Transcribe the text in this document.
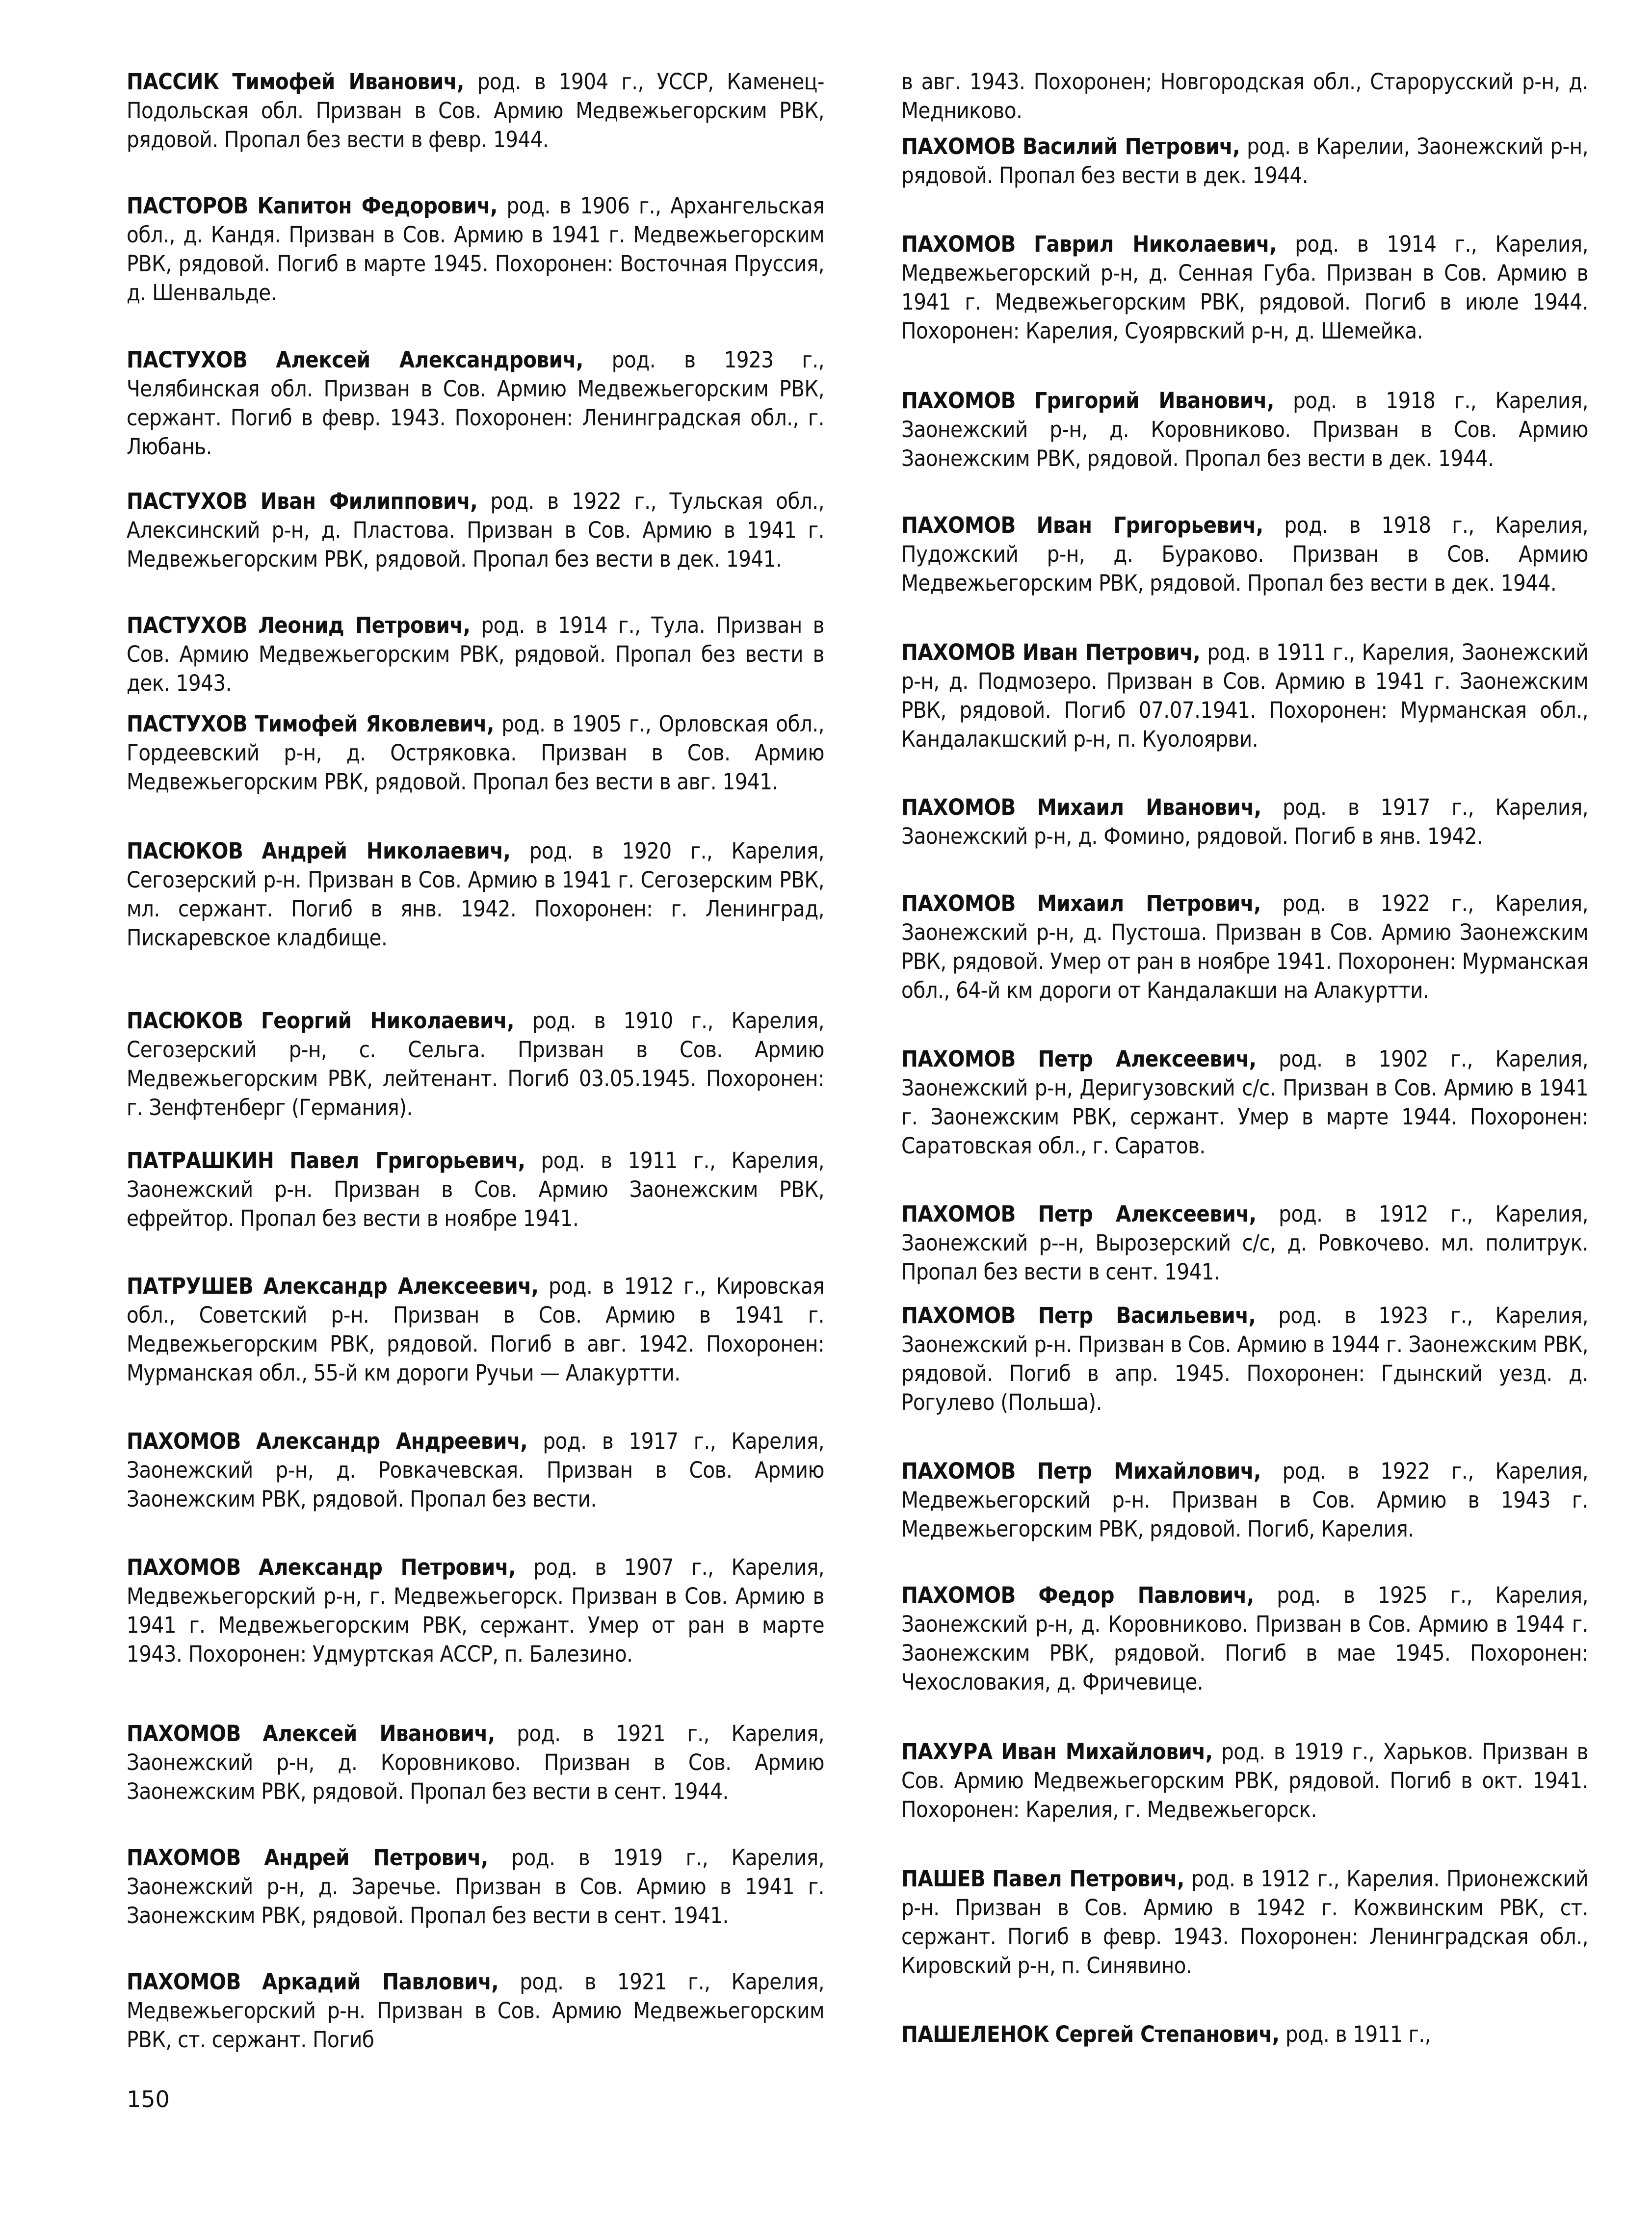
ПАССИК Тимофей Иванович, род. в 1904 г., УССР, Каменец-Подольская обл. Призван в Сов. Армию Медвежьегорским РВК, рядовой. Пропал без вести в февр. 1944.
ПАСТОРОВ Капитон Федорович, род. в 1906 г., Архангельская обл., д. Кандя. Призван в Сов. Армию в 1941 г. Медвежьегорским РВК, рядовой. Погиб в марте 1945. Похоронен: Восточная Пруссия, д. Шенвальде.
ПАСТУХОВ Алексей Александрович, род. в 1923 г., Челябинская обл. Призван в Сов. Армию Медвежьегорским РВК, сержант. Погиб в февр. 1943. Похоронен: Ленинградская обл., г. Любань.
ПАСТУХОВ Иван Филиппович, род. в 1922 г., Тульская обл., Алексинский р-н, д. Пластова. Призван в Сов. Армию в 1941 г. Медвежьегорским РВК, рядовой. Пропал без вести в дек. 1941.
ПАСТУХОВ Леонид Петрович, род. в 1914 г., Тула. Призван в Сов. Армию Медвежьегорским РВК, рядовой. Пропал без вести в дек. 1943.
ПАСТУХОВ Тимофей Яковлевич, род. в 1905 г., Орловская обл., Гордеевский р-н, д. Остряковка. Призван в Сов. Армию Медвежьегорским РВК, рядовой. Пропал без вести в авг. 1941.
ПАСЮКОВ Андрей Николаевич, род. в 1920 г., Карелия, Сегозерский р-н. Призван в Сов. Армию в 1941 г. Сегозерским РВК, мл. сержант. Погиб в янв. 1942. Похоронен: г. Ленинград, Пискаревское кладбище.
ПАСЮКОВ Георгий Николаевич, род. в 1910 г., Карелия, Сегозерский р-н, с. Сельга. Призван в Сов. Армию Медвежьегорским РВК, лейтенант. Погиб 03.05.1945. Похоронен: г. Зенфтенберг (Германия).
ПАТРАШКИН Павел Григорьевич, род. в 1911 г., Карелия, Заонежский р-н. Призван в Сов. Армию Заонежским РВК, ефрейтор. Пропал без вести в ноябре 1941.
ПАТРУШЕВ Александр Алексеевич, род. в 1912 г., Кировская обл., Советский р-н. Призван в Сов. Армию в 1941 г. Медвежьегорским РВК, рядовой. Погиб в авг. 1942. Похоронен: Мурманская обл., 55-й км дороги Ручьи — Алакуртти.
ПАХОМОВ Александр Андреевич, род. в 1917 г., Карелия, Заонежский р-н, д. Ровкачевская. Призван в Сов. Армию Заонежским РВК, рядовой. Пропал без вести.
ПАХОМОВ Александр Петрович, род. в 1907 г., Карелия, Медвежьегорский р-н, г. Медвежьегорск. Призван в Сов. Армию в 1941 г. Медвежьегорским РВК, сержант. Умер от ран в марте 1943. Похоронен: Удмуртская АССР, п. Балезино.
ПАХОМОВ Алексей Иванович, род. в 1921 г., Карелия, Заонежский р-н, д. Коровниково. Призван в Сов. Армию Заонежским РВК, рядовой. Пропал без вести в сент. 1944.
ПАХОМОВ Андрей Петрович, род. в 1919 г., Карелия, Заонежский р-н, д. Заречье. Призван в Сов. Армию в 1941 г. Заонежским РВК, рядовой. Пропал без вести в сент. 1941.
ПАХОМОВ Аркадий Павлович, род. в 1921 г., Карелия, Медвежьегорский р-н. Призван в Сов. Армию Медвежьегорским РВК, ст. сержант. Погиб
в авг. 1943. Похоронен; Новгородская обл., Старорусский р-н, д. Медниково.
ПАХОМОВ Василий Петрович, род. в Карелии, Заонежский р-н, рядовой. Пропал без вести в дек. 1944.
ПАХОМОВ Гаврил Николаевич, род. в 1914 г., Карелия, Медвежьегорский р-н, д. Сенная Губа. Призван в Сов. Армию в 1941 г. Медвежьегорским РВК, рядовой. Погиб в июле 1944. Похоронен: Карелия, Суоярвский р-н, д. Шемейка.
ПАХОМОВ Григорий Иванович, род. в 1918 г., Карелия, Заонежский р-н, д. Коровниково. Призван в Сов. Армию Заонежским РВК, рядовой. Пропал без вести в дек. 1944.
ПАХОМОВ Иван Григорьевич, род. в 1918 г., Карелия, Пудожский р-н, д. Бураково. Призван в Сов. Армию Медвежьегорским РВК, рядовой. Пропал без вести в дек. 1944.
ПАХОМОВ Иван Петрович, род. в 1911 г., Карелия, Заонежский р-н, д. Подмозеро. Призван в Сов. Армию в 1941 г. Заонежским РВК, рядовой. Погиб 07.07.1941. Похоронен: Мурманская обл., Кандалакшский р-н, п. Куолоярви.
ПАХОМОВ Михаил Иванович, род. в 1917 г., Карелия, Заонежский р-н, д. Фомино, рядовой. Погиб в янв. 1942.
ПАХОМОВ Михаил Петрович, род. в 1922 г., Карелия, Заонежский р-н, д. Пустоша. Призван в Сов. Армию Заонежским РВК, рядовой. Умер от ран в ноябре 1941. Похоронен: Мурманская обл., 64-й км дороги от Кандалакши на Алакуртти.
ПАХОМОВ Петр Алексеевич, род. в 1902 г., Карелия, Заонежский р-н, Деригузовский с/с. Призван в Сов. Армию в 1941 г. Заонежским РВК, сержант. Умер в марте 1944. Похоронен: Саратовская обл., г. Саратов.
ПАХОМОВ Петр Алексеевич, род. в 1912 г., Карелия, Заонежский р--н, Вырозерский с/с, д. Ровкочево. мл. политрук. Пропал без вести в сент. 1941.
ПАХОМОВ Петр Васильевич, род. в 1923 г., Карелия, Заонежский р-н. Призван в Сов. Армию в 1944 г. Заонежским РВК, рядовой. Погиб в апр. 1945. Похоронен: Гдынский уезд. д. Рогулево (Польша).
ПАХОМОВ Петр Михайлович, род. в 1922 г., Карелия, Медвежьегорский р-н. Призван в Сов. Армию в 1943 г. Медвежьегорским РВК, рядовой. Погиб, Карелия.
ПАХОМОВ Федор Павлович, род. в 1925 г., Карелия, Заонежский р-н, д. Коровниково. Призван в Сов. Армию в 1944 г. Заонежским РВК, рядовой. Погиб в мае 1945. Похоронен: Чехословакия, д. Фричевице.
ПАХУРА Иван Михайлович, род. в 1919 г., Харьков. Призван в Сов. Армию Медвежьегорским РВК, рядовой. Погиб в окт. 1941. Похоронен: Карелия, г. Медвежьегорск.
ПАШЕВ Павел Петрович, род. в 1912 г., Карелия. Прионежский р-н. Призван в Сов. Армию в 1942 г. Кожвинским РВК, ст. сержант. Погиб в февр. 1943. Похоронен: Ленинградская обл., Кировский р-н, п. Синявино.
ПАШЕЛЕНОК Сергей Степанович, род. в 1911 г.,
150
